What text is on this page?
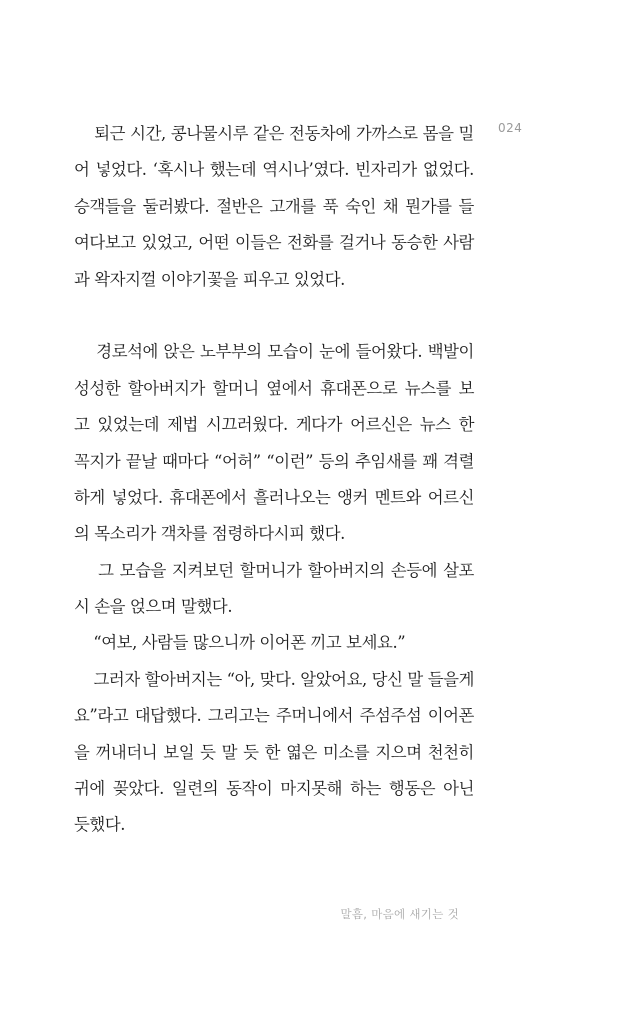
024
퇴근 시간, 콩나물시루 같은 전동차에 가까스로 몸을 밀
어 넣었다. ‘혹시나 했는데 역시나’였다. 빈자리가 없었다.
승객들을 둘러봤다. 절반은 고개를 푹 숙인 채 뭔가를 들
여다보고 있었고, 어떤 이들은 전화를 걸거나 동승한 사람
과 왁자지껄 이야기꽃을 피우고 있었다.
경로석에 앉은 노부부의 모습이 눈에 들어왔다. 백발이
성성한 할아버지가 할머니 옆에서 휴대폰으로 뉴스를 보
고 있었는데 제법 시끄러웠다. 게다가 어르신은 뉴스 한
꼭지가 끝날 때마다 “어허” “이런” 등의 추임새를 꽤 격렬
하게 넣었다. 휴대폰에서 흘러나오는 앵커 멘트와 어르신
의 목소리가 객차를 점령하다시피 했다.
그 모습을 지켜보던 할머니가 할아버지의 손등에 살포
시 손을 얹으며 말했다.
“여보, 사람들 많으니까 이어폰 끼고 보세요.”
그러자 할아버지는 “아, 맞다. 알았어요, 당신 말 들을게
요”라고 대답했다. 그리고는 주머니에서 주섬주섬 이어폰
을 꺼내더니 보일 듯 말 듯 한 엷은 미소를 지으며 천천히
귀에 꽂았다. 일련의 동작이 마지못해 하는 행동은 아닌
듯했다.
말흠, 마음에 새기는 것
